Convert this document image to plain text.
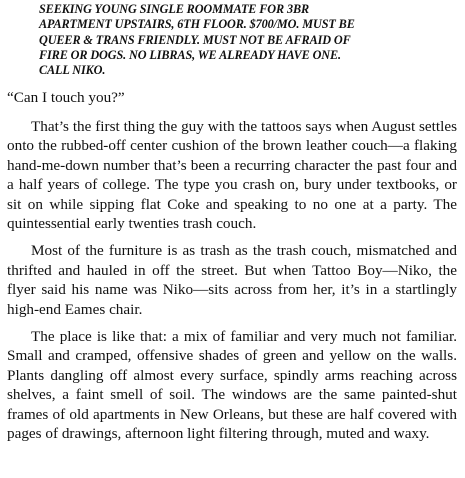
SEEKING YOUNG SINGLE ROOMMATE FOR 3BR APARTMENT UPSTAIRS, 6TH FLOOR. $700/MO. MUST BE QUEER & TRANS FRIENDLY. MUST NOT BE AFRAID OF FIRE OR DOGS. NO LIBRAS, WE ALREADY HAVE ONE. CALL NIKO.

“Can I touch you?”

That’s the first thing the guy with the tattoos says when August settles onto the rubbed-off center cushion of the brown leather couch—a flaking hand-me-down number that’s been a recurring character the past four and a half years of college. The type you crash on, bury under textbooks, or sit on while sipping flat Coke and speaking to no one at a party. The quintessential early twenties trash couch.

Most of the furniture is as trash as the trash couch, mismatched and thrifted and hauled in off the street. But when Tattoo Boy—Niko, the flyer said his name was Niko—sits across from her, it’s in a startlingly high-end Eames chair.

The place is like that: a mix of familiar and very much not familiar. Small and cramped, offensive shades of green and yellow on the walls. Plants dangling off almost every surface, spindly arms reaching across shelves, a faint smell of soil. The windows are the same painted-shut frames of old apartments in New Orleans, but these are half covered with pages of drawings, afternoon light filtering through, muted and waxy.
